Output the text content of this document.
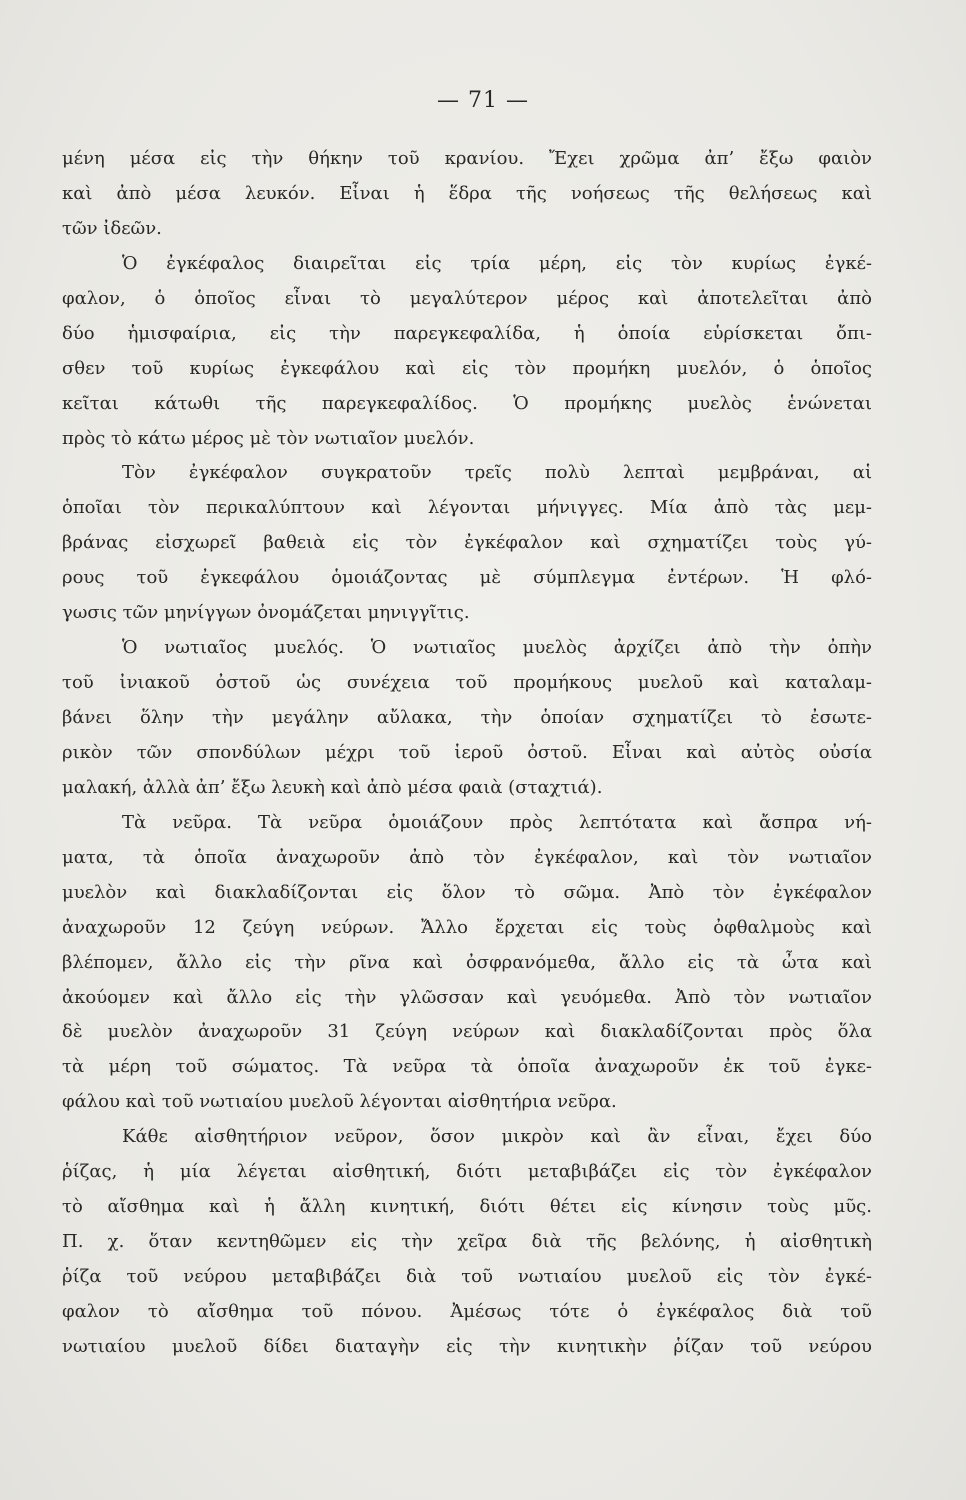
— 71 —
μένη μέσα εἰς τὴν θήκην τοῦ κρανίου. Ἔχει χρῶμα ἀπ’ ἔξω φαιὸν
καὶ ἀπὸ μέσα λευκόν. Εἶναι ἡ ἕδρα τῆς νοήσεως τῆς θελήσεως καὶ
τῶν ἰδεῶν.
Ὁ ἐγκέφαλος διαιρεῖται εἰς τρία μέρη, εἰς τὸν κυρίως ἐγκέ-
φαλον, ὁ ὁποῖος εἶναι τὸ μεγαλύτερον μέρος καὶ ἀποτελεῖται ἀπὸ
δύο ἡμισφαίρια, εἰς τὴν παρεγκεφαλίδα, ἡ ὁποία εὑρίσκεται ὄπι-
σθεν τοῦ κυρίως ἐγκεφάλου καὶ εἰς τὸν προμήκη μυελόν, ὁ ὁποῖος
κεῖται κάτωθι τῆς παρεγκεφαλίδος. Ὁ προμήκης μυελὸς ἑνώνεται
πρὸς τὸ κάτω μέρος μὲ τὸν νωτιαῖον μυελόν.
Τὸν ἐγκέφαλον συγκρατοῦν τρεῖς πολὺ λεπταὶ μεμβράναι, αἱ
ὁποῖαι τὸν περικαλύπτουν καὶ λέγονται μήνιγγες. Μία ἀπὸ τὰς μεμ-
βράνας εἰσχωρεῖ βαθειὰ εἰς τὸν ἐγκέφαλον καὶ σχηματίζει τοὺς γύ-
ρους τοῦ ἐγκεφάλου ὁμοιάζοντας μὲ σύμπλεγμα ἐντέρων. Ἡ φλό-
γωσις τῶν μηνίγγων ὀνομάζεται μηνιγγῖτις.
Ὁ νωτιαῖος μυελός. Ὁ νωτιαῖος μυελὸς ἀρχίζει ἀπὸ τὴν ὀπὴν
τοῦ ἰνιακοῦ ὀστοῦ ὡς συνέχεια τοῦ προμήκους μυελοῦ καὶ καταλαμ-
βάνει ὅλην τὴν μεγάλην αὔλακα, τὴν ὁποίαν σχηματίζει τὸ ἐσωτε-
ρικὸν τῶν σπονδύλων μέχρι τοῦ ἱεροῦ ὀστοῦ. Εἶναι καὶ αὐτὸς οὐσία
μαλακή, ἀλλὰ ἀπ’ ἔξω λευκὴ καὶ ἀπὸ μέσα φαιὰ (σταχτιά).
Τὰ νεῦρα. Τὰ νεῦρα ὁμοιάζουν πρὸς λεπτότατα καὶ ἄσπρα νή-
ματα, τὰ ὁποῖα ἀναχωροῦν ἀπὸ τὸν ἐγκέφαλον, καὶ τὸν νωτιαῖον
μυελὸν καὶ διακλαδίζονται εἰς ὅλον τὸ σῶμα. Ἀπὸ τὸν ἐγκέφαλον
ἀναχωροῦν 12 ζεύγη νεύρων. Ἄλλο ἔρχεται εἰς τοὺς ὀφθαλμοὺς καὶ
βλέπομεν, ἄλλο εἰς τὴν ρῖνα καὶ ὀσφρανόμεθα, ἄλλο εἰς τὰ ὦτα καὶ
ἀκούομεν καὶ ἄλλο εἰς τὴν γλῶσσαν καὶ γευόμεθα. Ἀπὸ τὸν νωτιαῖον
δὲ μυελὸν ἀναχωροῦν 31 ζεύγη νεύρων καὶ διακλαδίζονται πρὸς ὅλα
τὰ μέρη τοῦ σώματος. Τὰ νεῦρα τὰ ὁποῖα ἀναχωροῦν ἐκ τοῦ ἐγκε-
φάλου καὶ τοῦ νωτιαίου μυελοῦ λέγονται αἰσθητήρια νεῦρα.
Κάθε αἰσθητήριον νεῦρον, ὅσον μικρὸν καὶ ἂν εἶναι, ἔχει δύο
ῥίζας, ἡ μία λέγεται αἰσθητική, διότι μεταβιβάζει εἰς τὸν ἐγκέφαλον
τὸ αἴσθημα καὶ ἡ ἄλλη κινητική, διότι θέτει εἰς κίνησιν τοὺς μῦς.
Π. χ. ὅταν κεντηθῶμεν εἰς τὴν χεῖρα διὰ τῆς βελόνης, ἡ αἰσθητικὴ
ῥίζα τοῦ νεύρου μεταβιβάζει διὰ τοῦ νωτιαίου μυελοῦ εἰς τὸν ἐγκέ-
φαλον τὸ αἴσθημα τοῦ πόνου. Ἀμέσως τότε ὁ ἐγκέφαλος διὰ τοῦ
νωτιαίου μυελοῦ δίδει διαταγὴν εἰς τὴν κινητικὴν ῥίζαν τοῦ νεύρου
